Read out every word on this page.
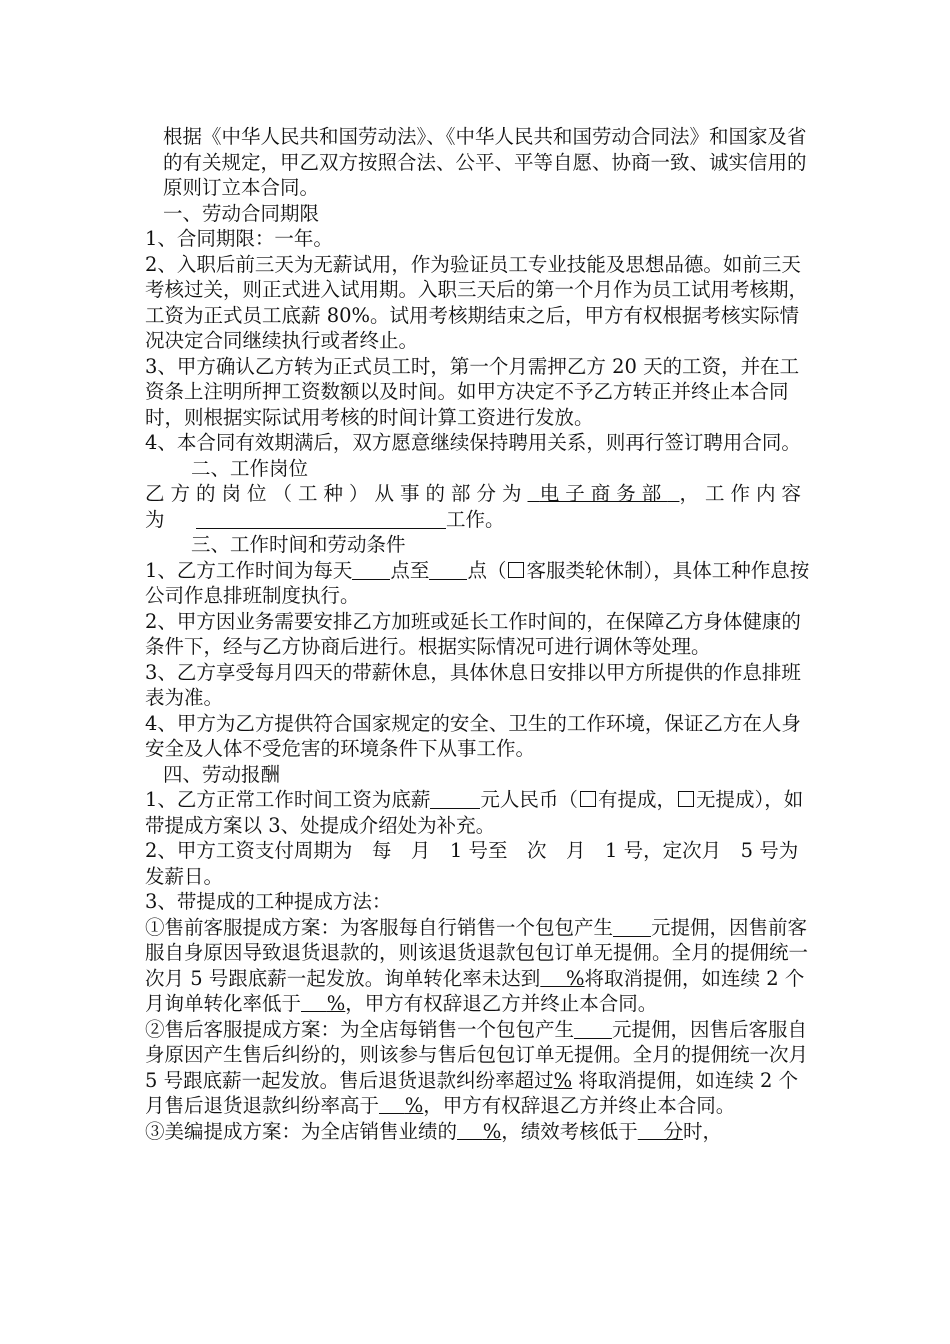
根据《中华人民共和国劳动法》、《中华人民共和国劳动合同法》和国家及省的有关规定，甲乙双方按照合法、公平、平等自愿、协商一致、诚实信用的原则订立本合同。

一、劳动合同期限

1、合同期限：一年。

2、入职后前三天为无薪试用，作为验证员工专业技能及思想品德。如前三天考核过关，则正式进入试用期。入职三天后的第一个月作为员工试用考核期，工资为正式员工底薪 80%。试用考核期结束之后，甲方有权根据考核实际情况决定合同继续执行或者终止。

3、甲方确认乙方转为正式员工时，第一个月需押乙方 20 天的工资，并在工资条上注明所押工资数额以及时间。如甲方决定不予乙方转正并终止本合同时，则根据实际试用考核的时间计算工资进行发放。

4、本合同有效期满后，双方愿意继续保持聘用关系，则再行签订聘用合同。

二、工作岗位

乙方的岗位（工种）从事的部分为 电子商务部 ，工作内容为　	工作。

三、工作时间和劳动条件

1、乙方工作时间为每天 点至 点（ 客服类轮休制），具体工种作息按公司作息排班制度执行。

2、甲方因业务需要安排乙方加班或延长工作时间的，在保障乙方身体健康的条件下，经与乙方协商后进行。根据实际情况可进行调休等处理。

3、乙方享受每月四天的带薪休息，具体休息日安排以甲方所提供的作息排班表为准。

4、甲方为乙方提供符合国家规定的安全、卫生的工作环境，保证乙方在人身安全及人体不受危害的环境条件下从事工作。

四、劳动报酬

1、乙方正常工作时间工资为底薪	元人民币（ 有提成， 无提成），如带提成方案以 3、处提成介绍处为补充。

2、甲方工资支付周期为　每　月　1 号至　次　月　1 号，定次月　5 号为发薪日。

3、带提成的工种提成方法：

①售前客服提成方案：为客服每自行销售一个包包产生 元提佣，因售前客服自身原因导致退货退款的，则该退货退款包包订单无提佣。全月的提佣统一次月 5 号跟底薪一起发放。询单转化率未达到　 %将取消提佣，如连续 2 个月询单转化率低于　 %，甲方有权辞退乙方并终止本合同。

②售后客服提成方案：为全店每销售一个包包产生 元提佣，因售后客服自身原因产生售后纠纷的，则该参与售后包包订单无提佣。全月的提佣统一次月 5 号跟底薪一起发放。售后退货退款纠纷率超过% 将取消提佣，如连续 2 个月售后退货退款纠纷率高于　 %，甲方有权辞退乙方并终止本合同。

③美编提成方案：为全店销售业绩的　 %，绩效考核低于　 分时，
